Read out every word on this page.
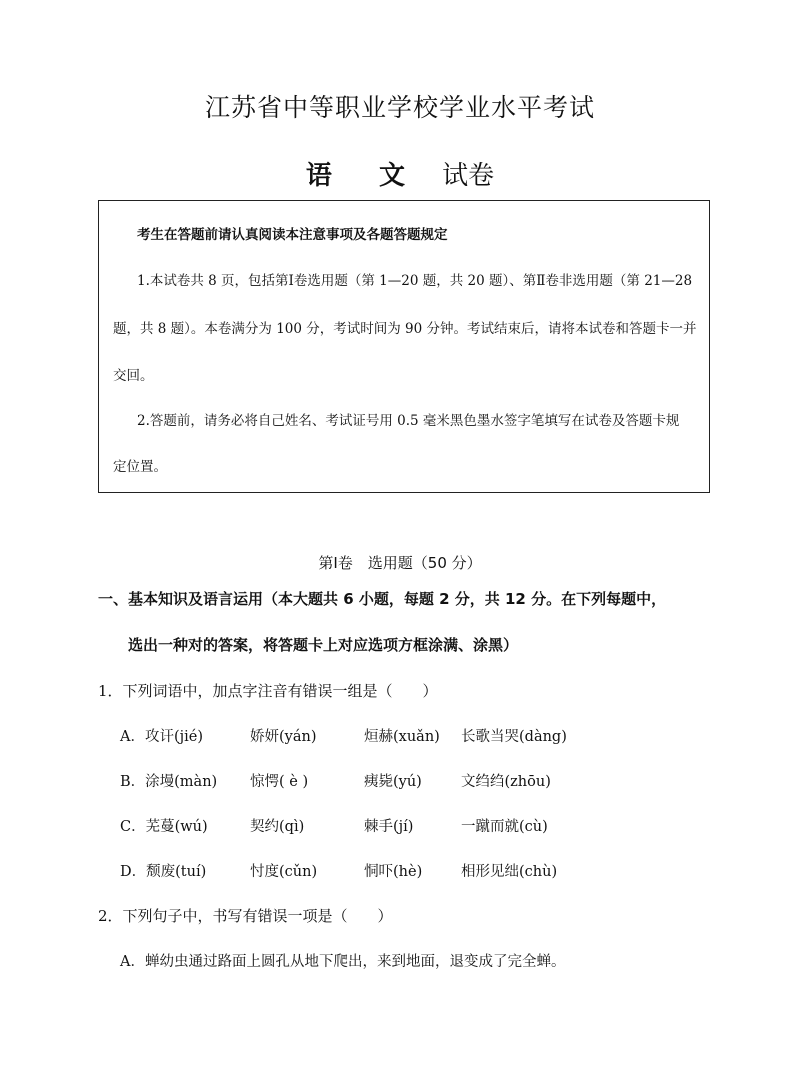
江苏省中等职业学校学业水平考试
语 文 试卷

考生在答题前请认真阅读本注意事项及各题答题规定

1.本试卷共 8 页，包括第Ⅰ卷选用题（第 1—20 题，共 20 题）、第Ⅱ卷非选用题（第 21—28

题，共 8 题）。本卷满分为 100 分，考试时间为 90 分钟。考试结束后，请将本试卷和答题卡一并

交回。

2.答题前，请务必将自己姓名、考试证号用 0.5 毫米黑色墨水签字笔填写在试卷及答题卡规

定位置。

第Ⅰ卷　选用题（50 分）
一、基本知识及语言运用（本大题共 6 小题，每题 2 分，共 12 分。在下列每题中，
选出一种对的答案，将答题卡上对应选项方框涂满、涂黑）
1．下列词语中，加点字注音有错误一组是（　　）
A．攻讦(jié)	娇妍(yán)	烜赫(xuǎn) 长歌当哭(dàng)
B．涂墁(màn) 惊愕( è )	痍毙(yú)	文绉绉(zhōu)
C．芜蔓(wú)	契约(qì)	棘手(jí)	一蹴而就(cù)
D．颓废(tuí)	忖度(cǔn)	恫吓(hè)	相形见绌(chù)
2．下列句子中，书写有错误一项是（　　）
A．蝉幼虫通过路面上圆孔从地下爬出，来到地面，退变成了完全蝉。
